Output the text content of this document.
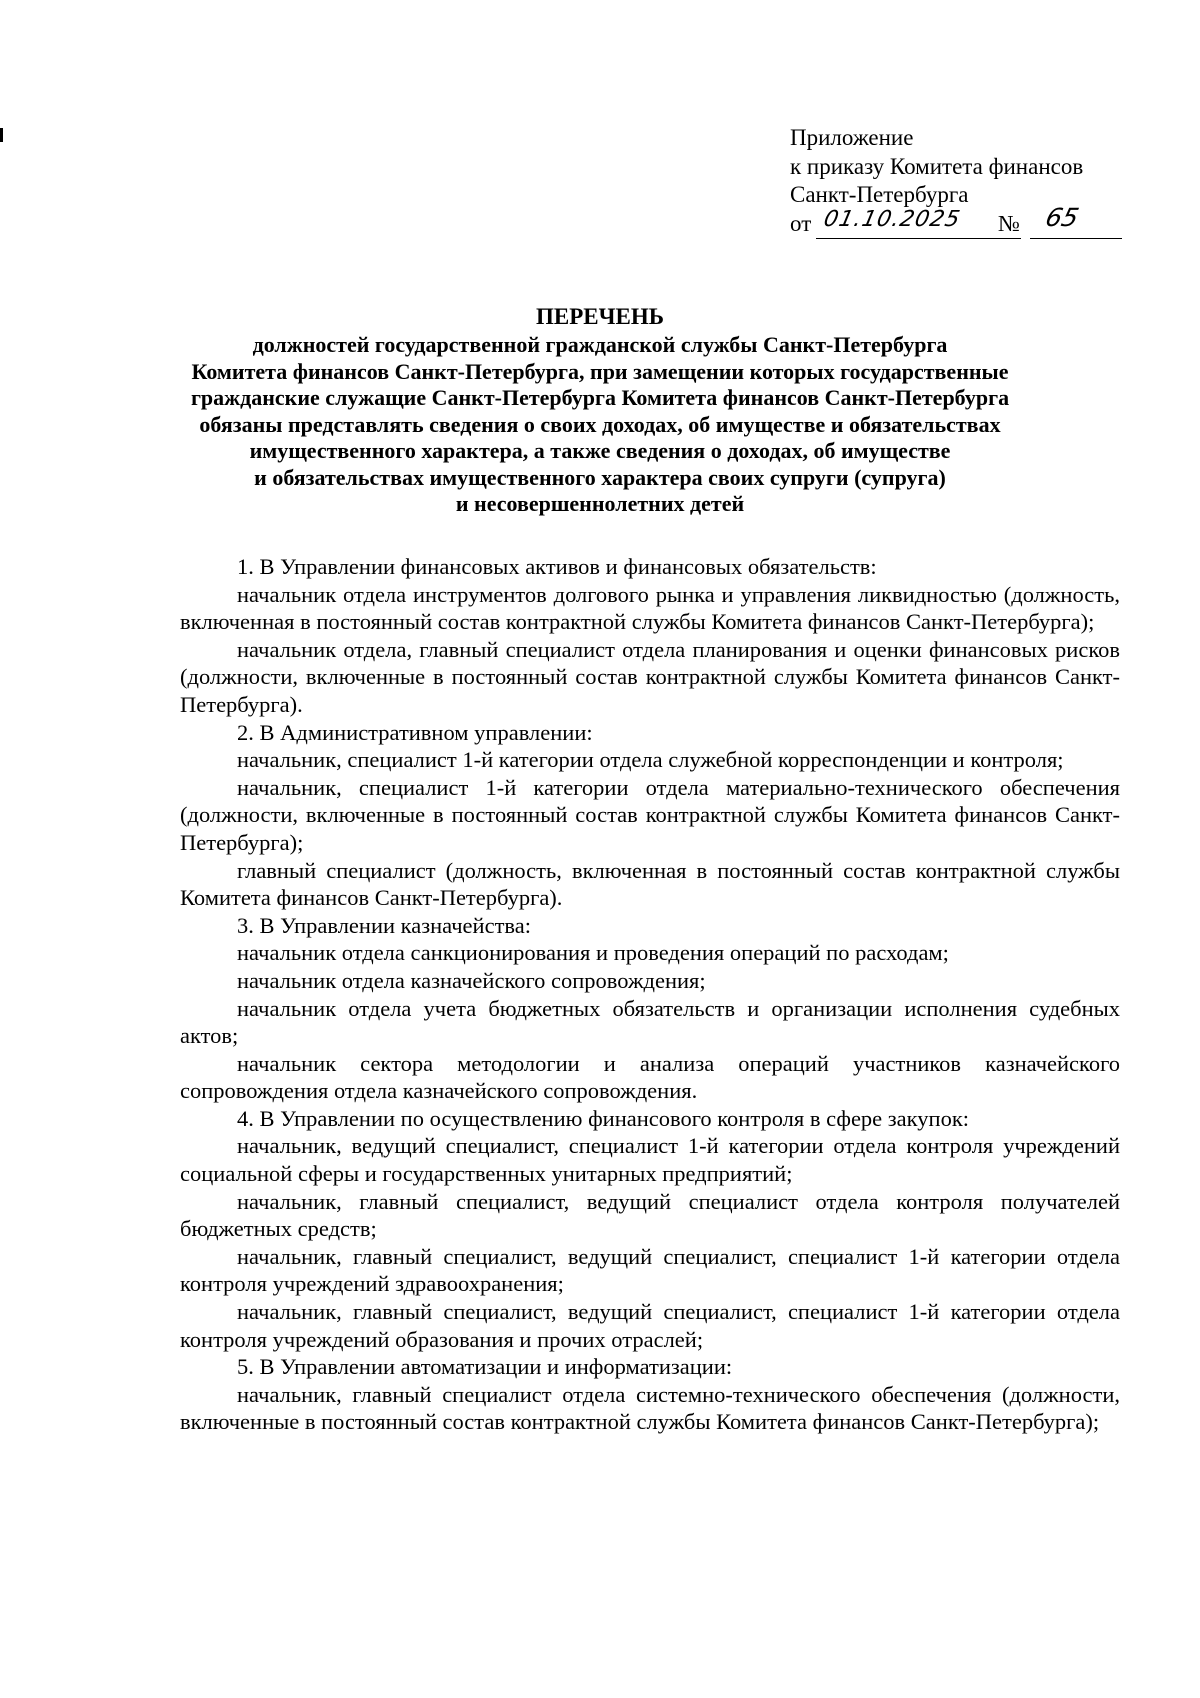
Приложение
к приказу Комитета финансов
Санкт-Петербурга
от 01.10.2025 № 65
ПЕРЕЧЕНЬ
должностей государственной гражданской службы Санкт-Петербурга
Комитета финансов Санкт-Петербурга, при замещении которых государственные
гражданские служащие Санкт-Петербурга Комитета финансов Санкт-Петербурга
обязаны представлять сведения о своих доходах, об имуществе и обязательствах
имущественного характера, а также сведения о доходах, об имуществе
и обязательствах имущественного характера своих супруги (супруга)
и несовершеннолетних детей

1. В Управлении финансовых активов и финансовых обязательств:

начальник отдела инструментов долгового рынка и управления ликвидностью (должность, включенная в постоянный состав контрактной службы Комитета финансов Санкт-Петербурга);

начальник отдела, главный специалист отдела планирования и оценки финансовых рисков (должности, включенные в постоянный состав контрактной службы Комитета финансов Санкт-Петербурга).

2. В Административном управлении:

начальник, специалист 1-й категории отдела служебной корреспонденции и контроля;

начальник, специалист 1-й категории отдела материально-технического обеспечения (должности, включенные в постоянный состав контрактной службы Комитета финансов Санкт-Петербурга);

главный специалист (должность, включенная в постоянный состав контрактной службы Комитета финансов Санкт-Петербурга).

3. В Управлении казначейства:

начальник отдела санкционирования и проведения операций по расходам;

начальник отдела казначейского сопровождения;

начальник отдела учета бюджетных обязательств и организации исполнения судебных актов;

начальник сектора методологии и анализа операций участников казначейского сопровождения отдела казначейского сопровождения.

4. В Управлении по осуществлению финансового контроля в сфере закупок:

начальник, ведущий специалист, специалист 1-й категории отдела контроля учреждений социальной сферы и государственных унитарных предприятий;

начальник, главный специалист, ведущий специалист отдела контроля получателей бюджетных средств;

начальник, главный специалист, ведущий специалист, специалист 1-й категории отдела контроля учреждений здравоохранения;

начальник, главный специалист, ведущий специалист, специалист 1-й категории отдела контроля учреждений образования и прочих отраслей;

5. В Управлении автоматизации и информатизации:

начальник, главный специалист отдела системно-технического обеспечения (должности, включенные в постоянный состав контрактной службы Комитета финансов Санкт-Петербурга);
